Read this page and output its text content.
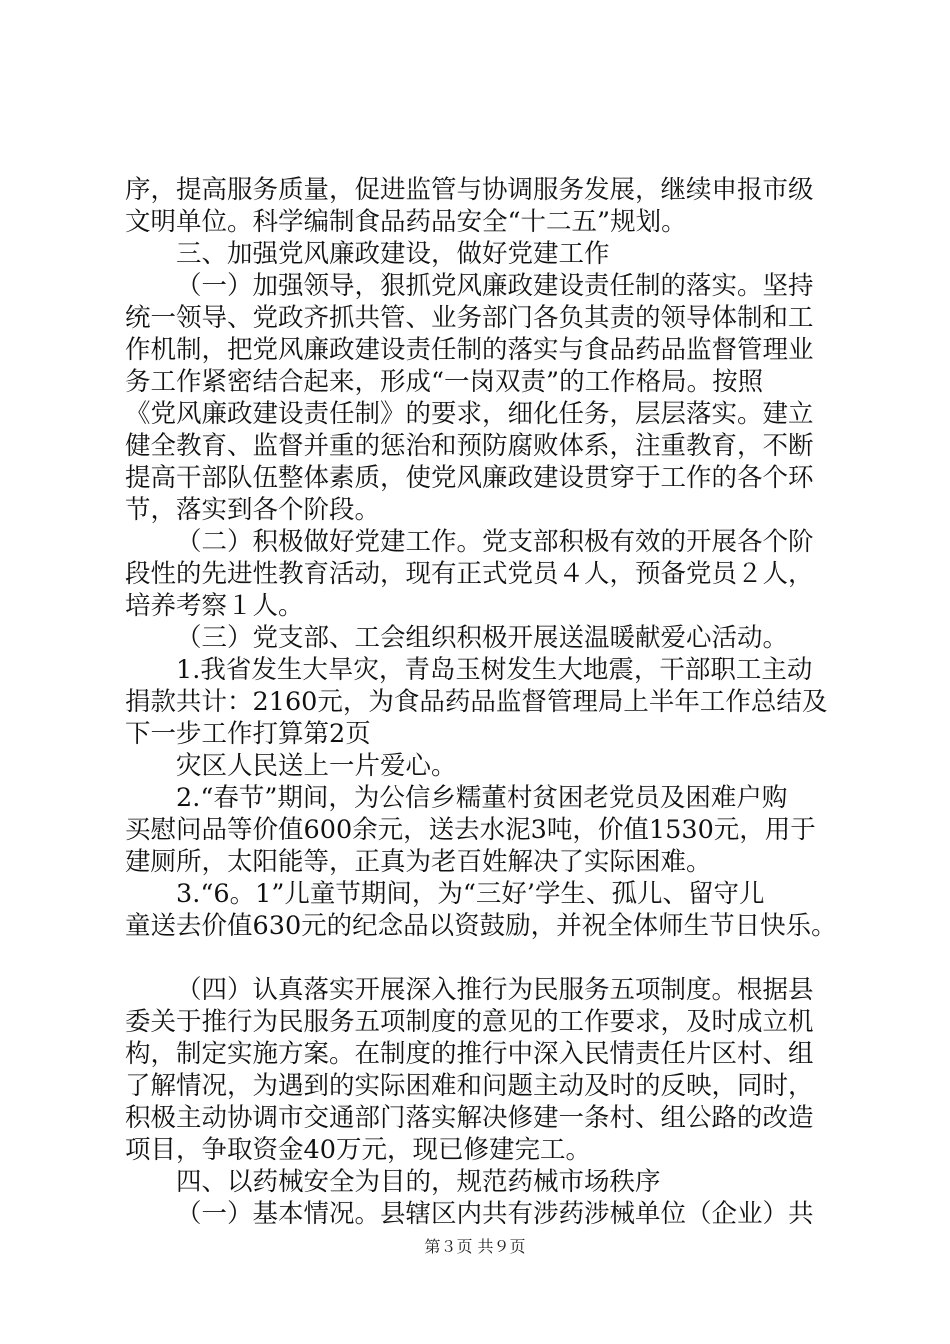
序，提高服务质量，促进监管与协调服务发展，继续申报市级
文明单位。科学编制食品药品安全“十二五”规划。
三、加强党风廉政建设，做好党建工作
（一）加强领导，狠抓党风廉政建设责任制的落实。坚持
统一领导、党政齐抓共管、业务部门各负其责的领导体制和工
作机制，把党风廉政建设责任制的落实与食品药品监督管理业
务工作紧密结合起来，形成“一岗双责”的工作格局。按照
《党风廉政建设责任制》的要求，细化任务，层层落实。建立
健全教育、监督并重的惩治和预防腐败体系，注重教育，不断
提高干部队伍整体素质，使党风廉政建设贯穿于工作的各个环
节，落实到各个阶段。
（二）积极做好党建工作。党支部积极有效的开展各个阶
段性的先进性教育活动，现有正式党员４人，预备党员２人，
培养考察１人。
（三）党支部、工会组织积极开展送温暖献爱心活动。
1.我省发生大旱灾，青岛玉树发生大地震，干部职工主动
捐款共计：2160元，为食品药品监督管理局上半年工作总结及
下一步工作打算第2页
灾区人民送上一片爱心。
2.“春节”期间，为公信乡糯董村贫困老党员及困难户购
买慰问品等价值600余元，送去水泥3吨，价值1530元，用于
建厕所，太阳能等，正真为老百姓解决了实际困难。
3.“6。1”儿童节期间，为“三好’学生、孤儿、留守儿
童送去价值630元的纪念品以资鼓励，并祝全体师生节日快乐。
（四）认真落实开展深入推行为民服务五项制度。根据县
委关于推行为民服务五项制度的意见的工作要求，及时成立机
构，制定实施方案。在制度的推行中深入民情责任片区村、组
了解情况，为遇到的实际困难和问题主动及时的反映，同时，
积极主动协调市交通部门落实解决修建一条村、组公路的改造
项目，争取资金40万元，现已修建完工。
四、以药械安全为目的，规范药械市场秩序
（一）基本情况。县辖区内共有涉药涉械单位（企业）共
第３页 共９页
